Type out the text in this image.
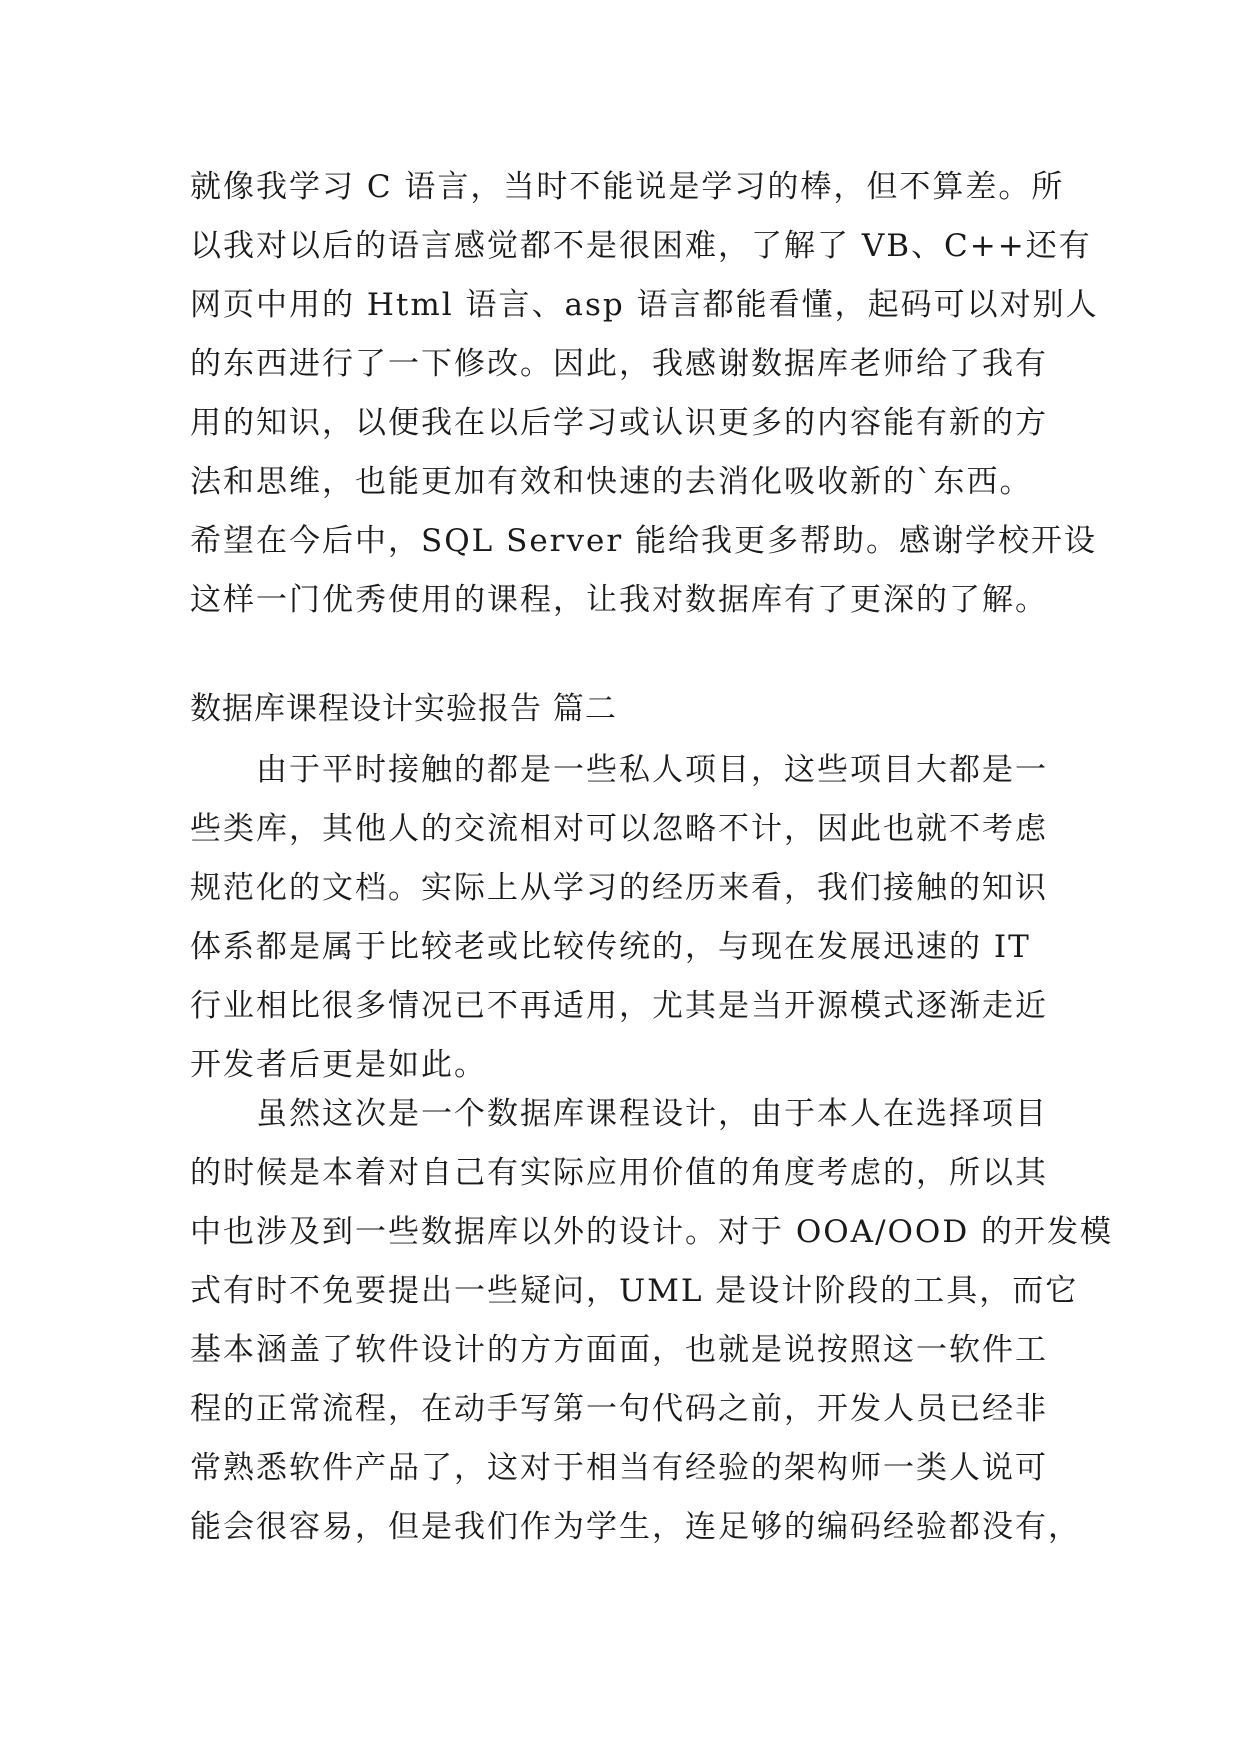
就像我学习 C 语言，当时不能说是学习的棒，但不算差。所
以我对以后的语言感觉都不是很困难，了解了 VB、C++还有
网页中用的 Html 语言、asp 语言都能看懂，起码可以对别人
的东西进行了一下修改。因此，我感谢数据库老师给了我有
用的知识，以便我在以后学习或认识更多的内容能有新的方
法和思维，也能更加有效和快速的去消化吸收新的`东西。
希望在今后中，SQL Server 能给我更多帮助。感谢学校开设
这样一门优秀使用的课程，让我对数据库有了更深的了解。
数据库课程设计实验报告 篇二
由于平时接触的都是一些私人项目，这些项目大都是一
些类库，其他人的交流相对可以忽略不计，因此也就不考虑
规范化的文档。实际上从学习的经历来看，我们接触的知识
体系都是属于比较老或比较传统的，与现在发展迅速的 IT
行业相比很多情况已不再适用，尤其是当开源模式逐渐走近
开发者后更是如此。
虽然这次是一个数据库课程设计，由于本人在选择项目
的时候是本着对自己有实际应用价值的角度考虑的，所以其
中也涉及到一些数据库以外的设计。对于 OOA/OOD 的开发模
式有时不免要提出一些疑问，UML 是设计阶段的工具，而它
基本涵盖了软件设计的方方面面，也就是说按照这一软件工
程的正常流程，在动手写第一句代码之前，开发人员已经非
常熟悉软件产品了，这对于相当有经验的架构师一类人说可
能会很容易，但是我们作为学生，连足够的编码经验都没有，
